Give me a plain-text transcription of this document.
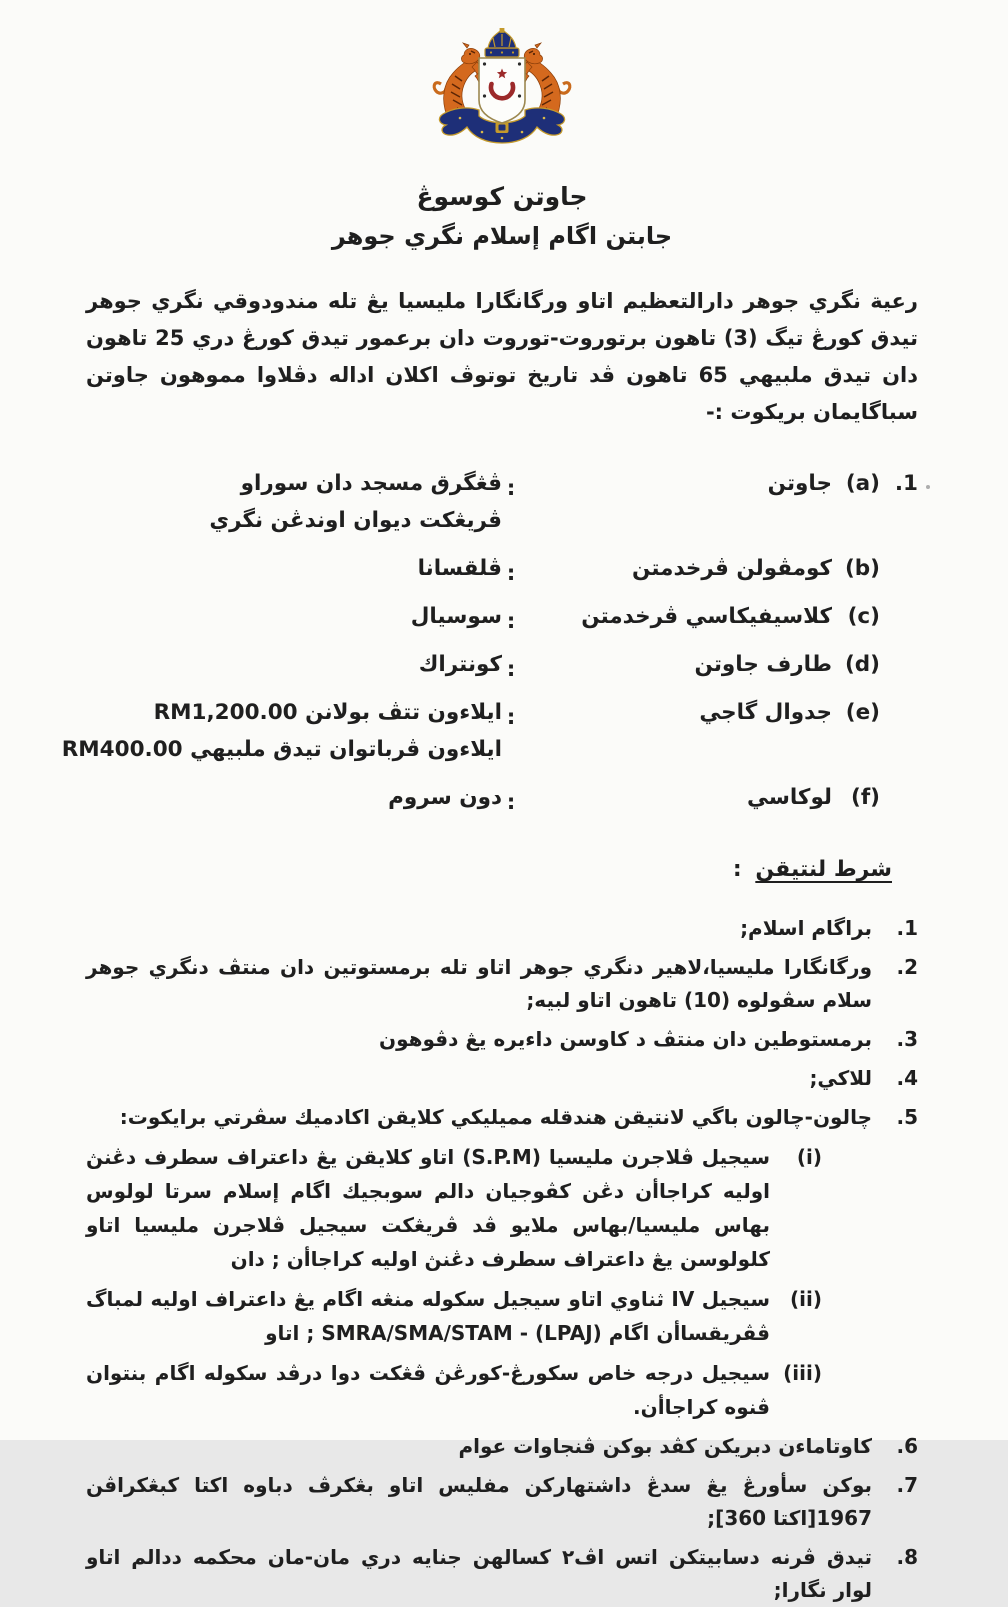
جاوتن كوسوڠ
جابتن اگام إسلام نگري جوهر

رعية نگري جوهر دارالتعظيم اتاو ورگانگارا مليسيا يڠ تله مندودوقي نگري جوهر تيدق كورڠ تيگ (3) تاهون برتوروت-توروت دان برعمور تيدق كورڠ دري 25 تاهون دان تيدق ملبيهي 65 تاهون ڤد تاريخ توتوڤ اكلان اداله دڤلاوا مموهون جاوتن سباگايمان بريكوت :-

1.
(a)
جاوتن
:
ڤڠگرق مسجد دان سوراو
ڤريڠكت ديوان اوندڠن نگري
(b)
كومڤولن ڤرخدمتن
:
ڤلقسانا
(c)
كلاسيفيكاسي ڤرخدمتن
:
سوسيال
(d)
طارف جاوتن
:
كونتراك
(e)
جدوال گاجي
:
ايلاءون تتڤ بولانن RM1,200.00
ايلاءون ڤرباتوان تيدق ملبيهي RM400.00
(f)
لوكاسي
:
دون سروم
شرط لنتيقن :
1.
براگام اسلام;
2.
ورگانگارا مليسيا،لاهير دنگري جوهر اتاو تله برمستوتين دان منتڤ دنگري جوهر سلام سڤولوه (10) تاهون اتاو لبيه;
3.
برمستوطين دان منتڤ د كاوسن داءيره يڠ دڤوهون
4.
للاكي;
5.
چالون-چالون باگي لانتيقن هندقله مميليكي كلايقن اكادميك سڤرتي برايكوت:
(i)
سيجيل ڤلاجرن مليسيا (S.P.M) اتاو كلايقن يڠ داعتراف سطرف دڠنڽ اوليه كراجاأن دڠن كڤوجيان دالم سوبجيك اگام إسلام سرتا لولوس بهاس مليسيا/بهاس ملايو ڤد ڤريڠكت سيجيل ڤلاجرن مليسيا اتاو كلولوسن يڠ داعتراف سطرف دڠنڽ اوليه كراجاأن ; دان
(ii)
سيجيل IV ثناوي اتاو سيجيل سكوله منڠه اگام يڠ داعتراف اوليه لمباگ ڤڤريقساأن اگام (LPAJ) - SMRA/SMA/STAM ; اتاو
(iii)
سيجيل درجه خاص سكورڠ-كورڠڽ ڤڠكت دوا درڤد سكوله اگام بنتوان ڤنوه كراجاأن.
6.
كاوتاماءن دبريكن كڤد بوكن ڤنجاوات عوام
7.
بوكن سأورڠ يڠ سدڠ داشتهاركن مفليس اتاو بڠكرڤ دباوه اكتا كبڠكراڤن 1967[اكتا 360];
8.
تيدق ڤرنه دسابيتكن اتس اڤ٢ كسالهن جنايه دري مان-مان محكمه ددالم اتاو لوار نگارا;
